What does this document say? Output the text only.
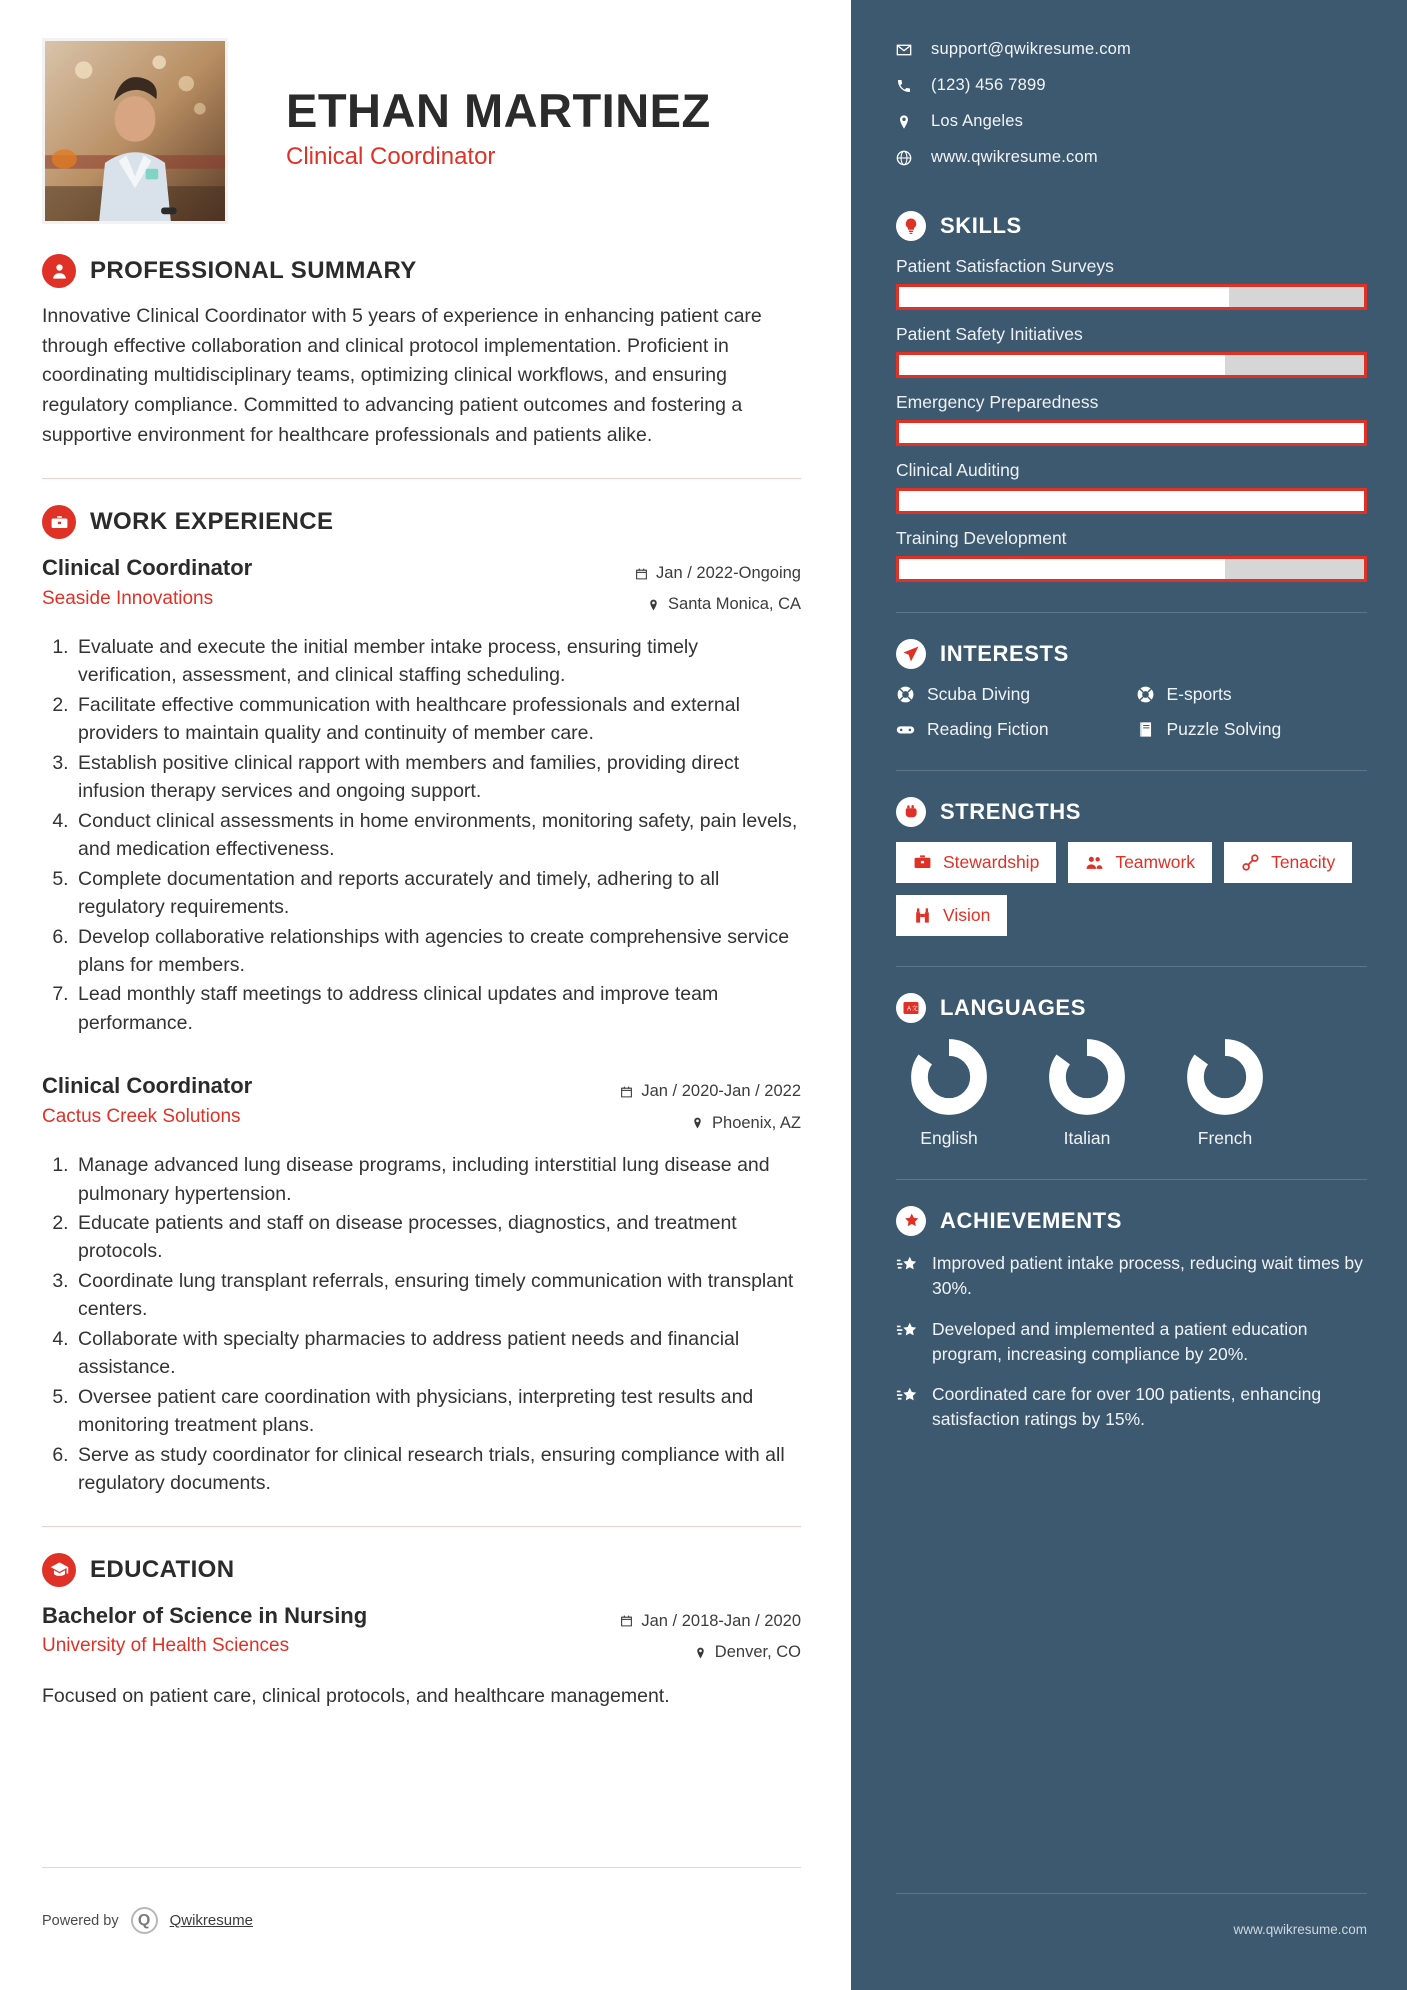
ETHAN MARTINEZ
Clinical Coordinator
PROFESSIONAL SUMMARY

Innovative Clinical Coordinator with 5 years of experience in enhancing patient care through effective collaboration and clinical protocol implementation. Proficient in coordinating multidisciplinary teams, optimizing clinical workflows, and ensuring regulatory compliance. Committed to advancing patient outcomes and fostering a supportive environment for healthcare professionals and patients alike.

WORK EXPERIENCE
Clinical Coordinator
Seaside Innovations
Jan / 2022-Ongoing
Santa Monica, CA
1. Evaluate and execute the initial member intake process, ensuring timely verification, assessment, and clinical staffing scheduling.
2. Facilitate effective communication with healthcare professionals and external providers to maintain quality and continuity of member care.
3. Establish positive clinical rapport with members and families, providing direct infusion therapy services and ongoing support.
4. Conduct clinical assessments in home environments, monitoring safety, pain levels, and medication effectiveness.
5. Complete documentation and reports accurately and timely, adhering to all regulatory requirements.
6. Develop collaborative relationships with agencies to create comprehensive service plans for members.
7. Lead monthly staff meetings to address clinical updates and improve team performance.
Clinical Coordinator
Cactus Creek Solutions
Jan / 2020-Jan / 2022
Phoenix, AZ
1. Manage advanced lung disease programs, including interstitial lung disease and pulmonary hypertension.
2. Educate patients and staff on disease processes, diagnostics, and treatment protocols.
3. Coordinate lung transplant referrals, ensuring timely communication with transplant centers.
4. Collaborate with specialty pharmacies to address patient needs and financial assistance.
5. Oversee patient care coordination with physicians, interpreting test results and monitoring treatment plans.
6. Serve as study coordinator for clinical research trials, ensuring compliance with all regulatory documents.
EDUCATION
Bachelor of Science in Nursing
University of Health Sciences
Jan / 2018-Jan / 2020
Denver, CO

Focused on patient care, clinical protocols, and healthcare management.

Powered by	Q	Qwikresume
support@qwikresume.com
(123) 456 7899
Los Angeles
www.qwikresume.com
SKILLS
Patient Satisfaction Surveys
Patient Safety Initiatives
Emergency Preparedness
Clinical Auditing
Training Development
INTERESTS
Scuba Diving	E-sports
Reading Fiction	Puzzle Solving
STRENGTHS
Stewardship	Teamwork	Tenacity
Vision
A 文 LANGUAGES
English	Italian	French
ACHIEVEMENTS
Improved patient intake process, reducing wait times by 30%.
Developed and implemented a patient education program, increasing compliance by 20%.
Coordinated care for over 100 patients, enhancing satisfaction ratings by 15%.
www.qwikresume.com
